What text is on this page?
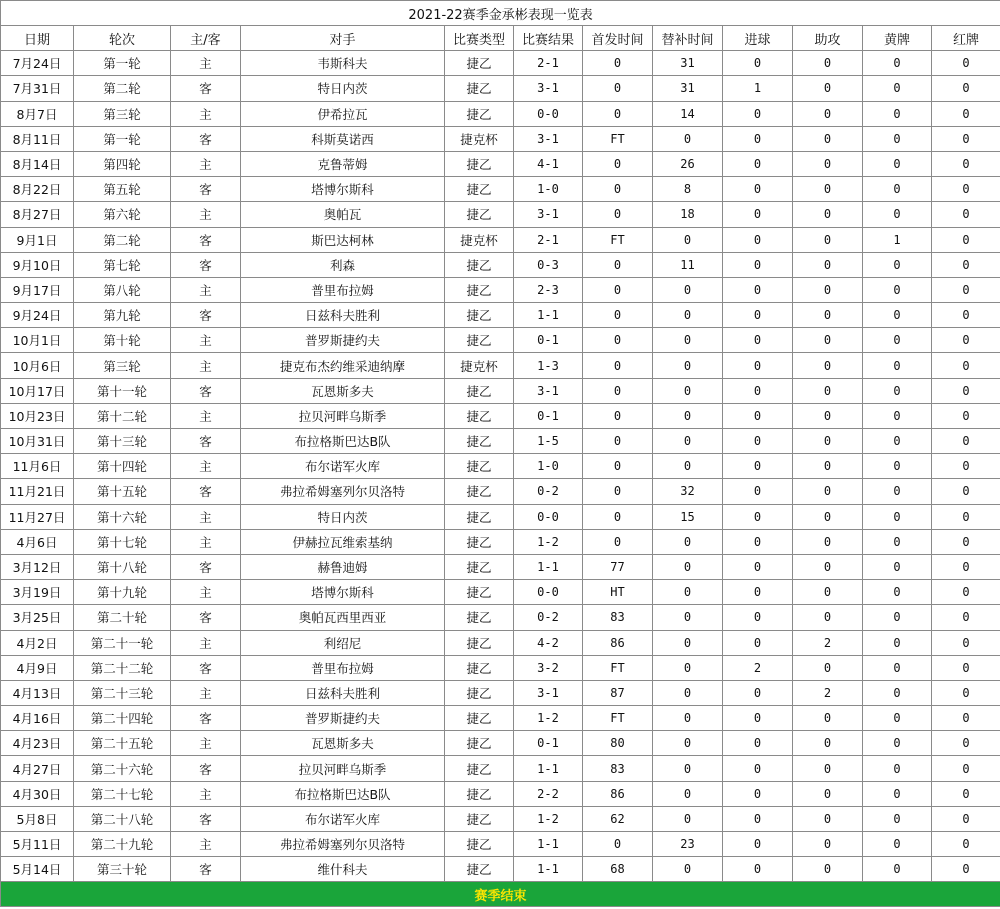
2021-22赛季金承彬表现一览表											
日期	轮次	主/客	对手	比赛类型	比赛结果	首发时间	替补时间	进球	助攻	黄牌	红牌
7月24日	第一轮	主	韦斯科夫	捷乙	2-1	0	31	0	0	0	0
7月31日	第二轮	客	特日内茨	捷乙	3-1	0	31	1	0	0	0
8月7日	第三轮	主	伊希拉瓦	捷乙	0-0	0	14	0	0	0	0
8月11日	第一轮	客	科斯莫诺西	捷克杯	3-1	FT	0	0	0	0	0
8月14日	第四轮	主	克鲁蒂姆	捷乙	4-1	0	26	0	0	0	0
8月22日	第五轮	客	塔博尔斯科	捷乙	1-0	0	8	0	0	0	0
8月27日	第六轮	主	奥帕瓦	捷乙	3-1	0	18	0	0	0	0
9月1日	第二轮	客	斯巴达柯林	捷克杯	2-1	FT	0	0	0	1	0
9月10日	第七轮	客	利森	捷乙	0-3	0	11	0	0	0	0
9月17日	第八轮	主	普里布拉姆	捷乙	2-3	0	0	0	0	0	0
9月24日	第九轮	客	日兹科夫胜利	捷乙	1-1	0	0	0	0	0	0
10月1日	第十轮	主	普罗斯捷约夫	捷乙	0-1	0	0	0	0	0	0
10月6日	第三轮	主	捷克布杰约维采迪纳摩	捷克杯	1-3	0	0	0	0	0	0
10月17日	第十一轮	客	瓦恩斯多夫	捷乙	3-1	0	0	0	0	0	0
10月23日	第十二轮	主	拉贝河畔乌斯季	捷乙	0-1	0	0	0	0	0	0
10月31日	第十三轮	客	布拉格斯巴达B队	捷乙	1-5	0	0	0	0	0	0
11月6日	第十四轮	主	布尔诺军火库	捷乙	1-0	0	0	0	0	0	0
11月21日	第十五轮	客	弗拉希姆塞列尔贝洛特	捷乙	0-2	0	32	0	0	0	0
11月27日	第十六轮	主	特日内茨	捷乙	0-0	0	15	0	0	0	0
4月6日	第十七轮	主	伊赫拉瓦维索基纳	捷乙	1-2	0	0	0	0	0	0
3月12日	第十八轮	客	赫鲁迪姆	捷乙	1-1	77	0	0	0	0	0
3月19日	第十九轮	主	塔博尔斯科	捷乙	0-0	HT	0	0	0	0	0
3月25日	第二十轮	客	奥帕瓦西里西亚	捷乙	0-2	83	0	0	0	0	0
4月2日	第二十一轮	主	利绍尼	捷乙	4-2	86	0	0	2	0	0
4月9日	第二十二轮	客	普里布拉姆	捷乙	3-2	FT	0	2	0	0	0
4月13日	第二十三轮	主	日兹科夫胜利	捷乙	3-1	87	0	0	2	0	0
4月16日	第二十四轮	客	普罗斯捷约夫	捷乙	1-2	FT	0	0	0	0	0
4月23日	第二十五轮	主	瓦恩斯多夫	捷乙	0-1	80	0	0	0	0	0
4月27日	第二十六轮	客	拉贝河畔乌斯季	捷乙	1-1	83	0	0	0	0	0
4月30日	第二十七轮	主	布拉格斯巴达B队	捷乙	2-2	86	0	0	0	0	0
5月8日	第二十八轮	客	布尔诺军火库	捷乙	1-2	62	0	0	0	0	0
5月11日	第二十九轮	主	弗拉希姆塞列尔贝洛特	捷乙	1-1	0	23	0	0	0	0
5月14日	第三十轮	客	维什科夫	捷乙	1-1	68	0	0	0	0	0
赛季结束											
